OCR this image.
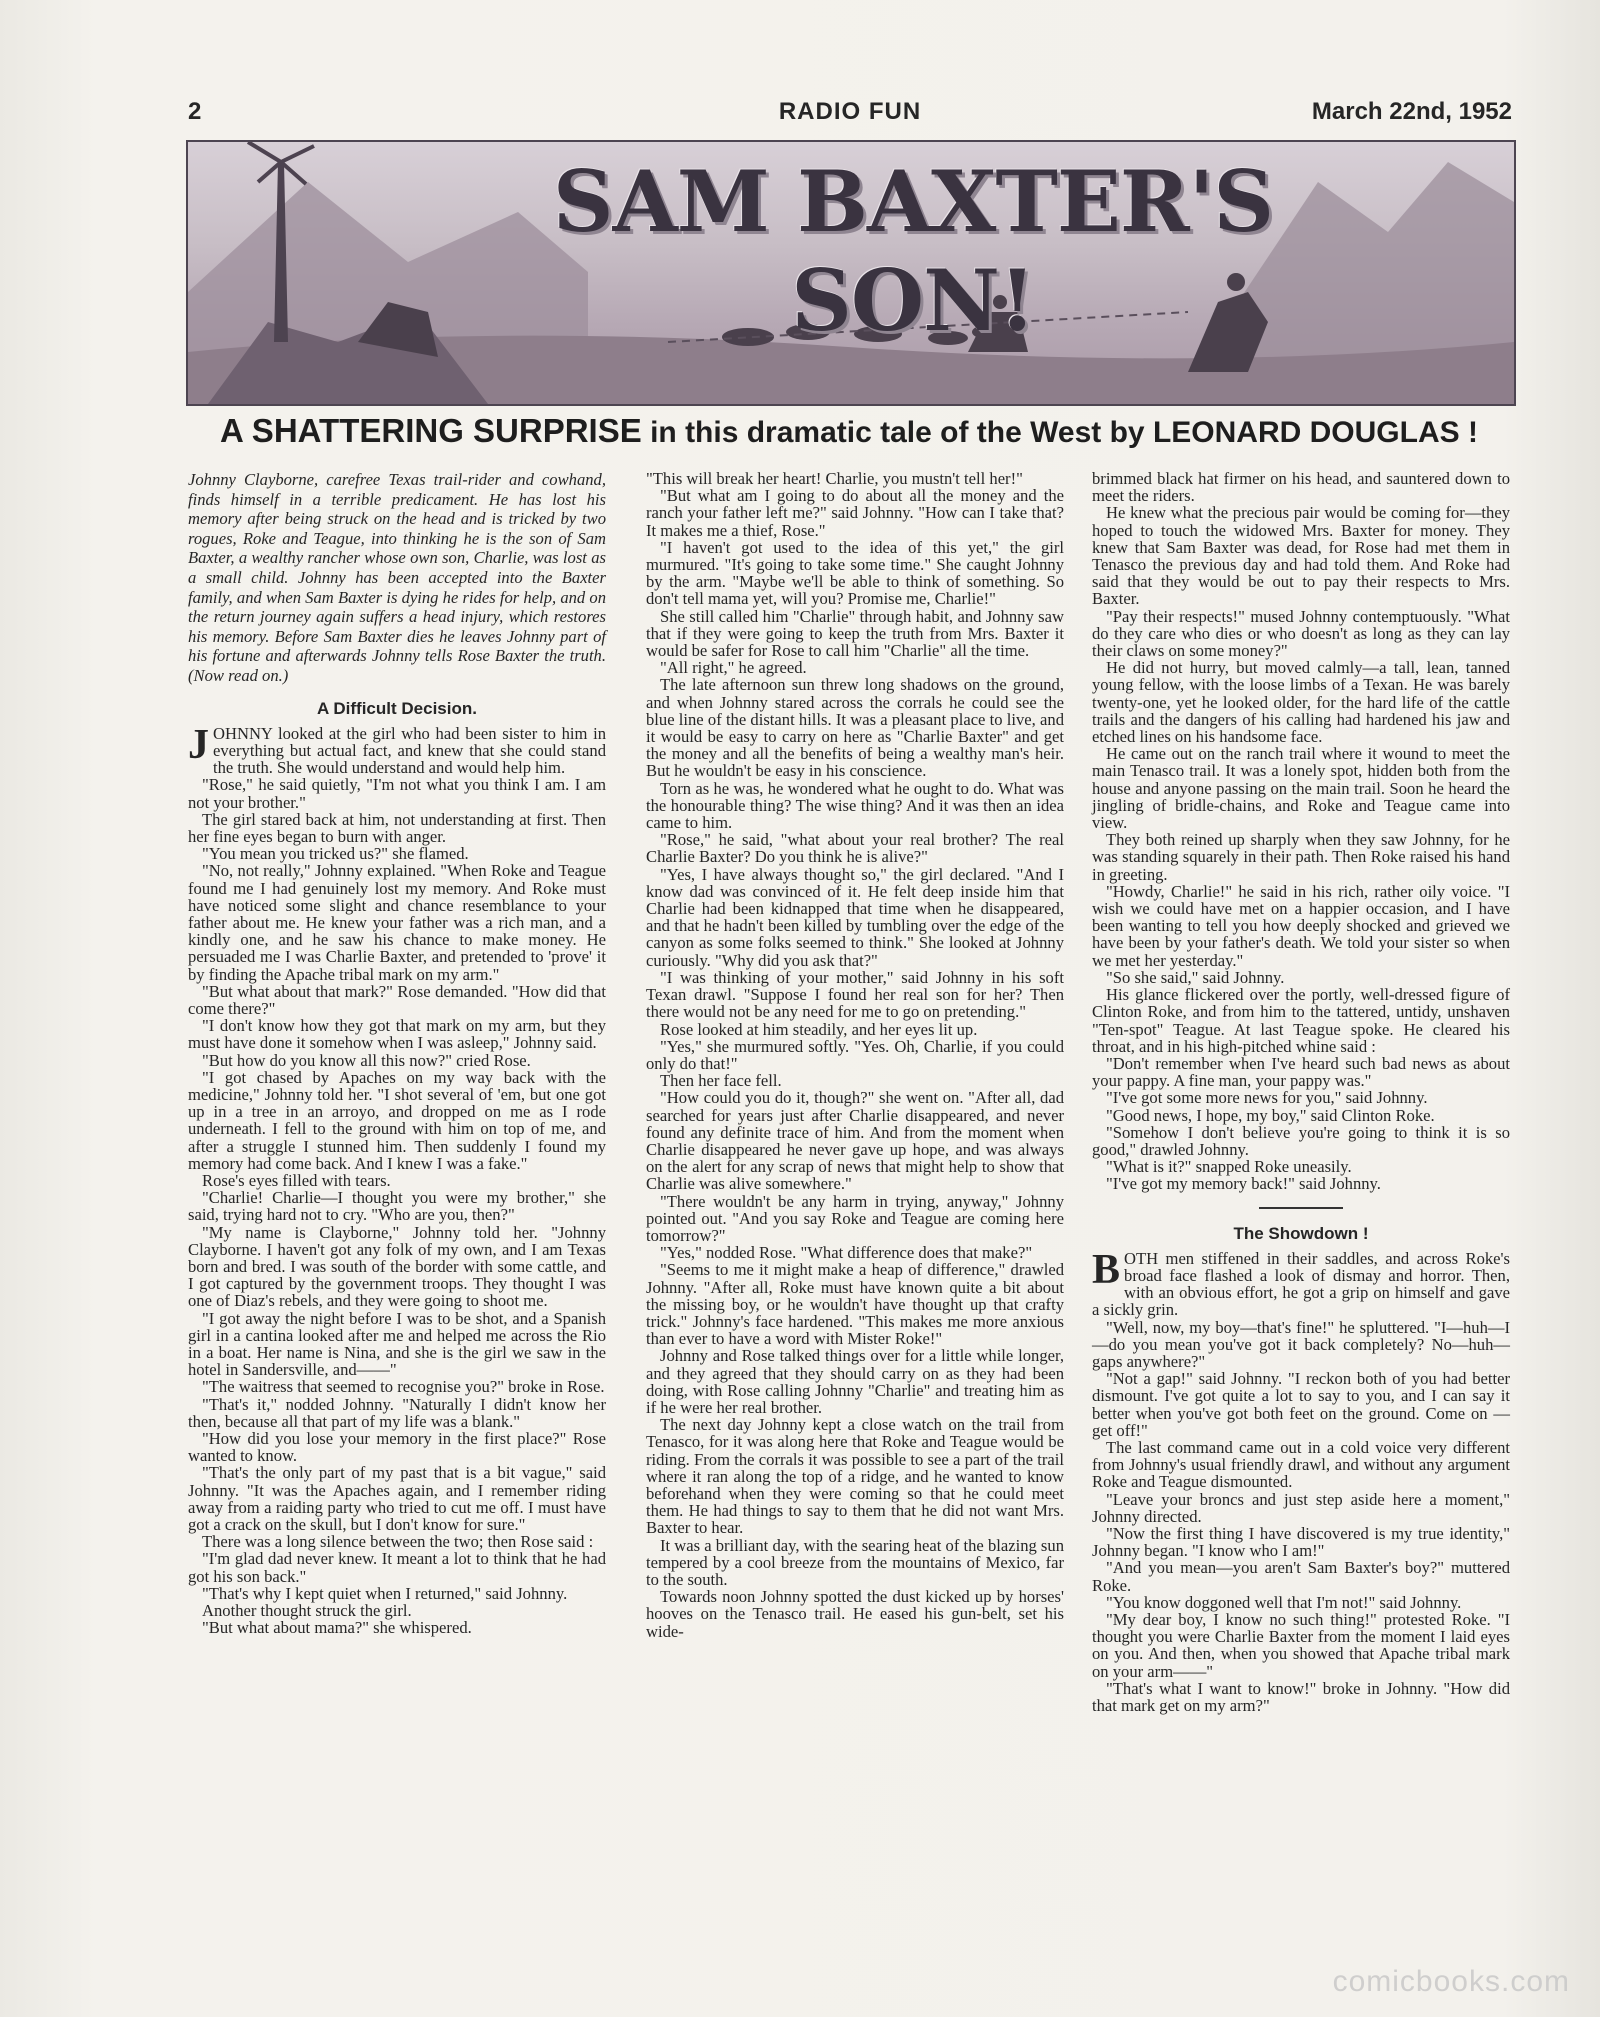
2	RADIO FUN	March 22nd, 1952
SAM BAXTER'S SON!
A SHATTERING SURPRISE in this dramatic tale of the West by LEONARD DOUGLAS !

Johnny Clayborne, carefree Texas trail-rider and cowhand, finds himself in a terrible predicament. He has lost his memory after being struck on the head and is tricked by two rogues, Roke and Teague, into thinking he is the son of Sam Baxter, a wealthy rancher whose own son, Charlie, was lost as a small child. Johnny has been accepted into the Baxter family, and when Sam Baxter is dying he rides for help, and on the return journey again suffers a head injury, which restores his memory. Before Sam Baxter dies he leaves Johnny part of his fortune and afterwards Johnny tells Rose Baxter the truth. (Now read on.)

A Difficult Decision.

JOHNNY looked at the girl who had been sister to him in everything but actual fact, and knew that she could stand the truth. She would understand and would help him.

"Rose," he said quietly, "I'm not what you think I am. I am not your brother."

The girl stared back at him, not understanding at first. Then her fine eyes began to burn with anger.

"You mean you tricked us?" she flamed.

"No, not really," Johnny explained. "When Roke and Teague found me I had genuinely lost my memory. And Roke must have noticed some slight and chance resemblance to your father about me. He knew your father was a rich man, and a kindly one, and he saw his chance to make money. He persuaded me I was Charlie Baxter, and pretended to 'prove' it by finding the Apache tribal mark on my arm."

"But what about that mark?" Rose demanded. "How did that come there?"

"I don't know how they got that mark on my arm, but they must have done it somehow when I was asleep," Johnny said.

"But how do you know all this now?" cried Rose.

"I got chased by Apaches on my way back with the medicine," Johnny told her. "I shot several of 'em, but one got up in a tree in an arroyo, and dropped on me as I rode underneath. I fell to the ground with him on top of me, and after a struggle I stunned him. Then suddenly I found my memory had come back. And I knew I was a fake."

Rose's eyes filled with tears.

"Charlie! Charlie—I thought you were my brother," she said, trying hard not to cry. "Who are you, then?"

"My name is Clayborne," Johnny told her. "Johnny Clayborne. I haven't got any folk of my own, and I am Texas born and bred. I was south of the border with some cattle, and I got captured by the government troops. They thought I was one of Diaz's rebels, and they were going to shoot me.

"I got away the night before I was to be shot, and a Spanish girl in a cantina looked after me and helped me across the Rio in a boat. Her name is Nina, and she is the girl we saw in the hotel in Sandersville, and——"

"The waitress that seemed to recognise you?" broke in Rose.

"That's it," nodded Johnny. "Naturally I didn't know her then, because all that part of my life was a blank."

"How did you lose your memory in the first place?" Rose wanted to know.

"That's the only part of my past that is a bit vague," said Johnny. "It was the Apaches again, and I remember riding away from a raiding party who tried to cut me off. I must have got a crack on the skull, but I don't know for sure."

There was a long silence between the two; then Rose said :

"I'm glad dad never knew. It meant a lot to think that he had got his son back."

"That's why I kept quiet when I returned," said Johnny.

Another thought struck the girl.

"But what about mama?" she whispered.

"This will break her heart! Charlie, you mustn't tell her!"

"But what am I going to do about all the money and the ranch your father left me?" said Johnny. "How can I take that? It makes me a thief, Rose."

"I haven't got used to the idea of this yet," the girl murmured. "It's going to take some time." She caught Johnny by the arm. "Maybe we'll be able to think of something. So don't tell mama yet, will you? Promise me, Charlie!"

She still called him "Charlie" through habit, and Johnny saw that if they were going to keep the truth from Mrs. Baxter it would be safer for Rose to call him "Charlie" all the time.

"All right," he agreed.

The late afternoon sun threw long shadows on the ground, and when Johnny stared across the corrals he could see the blue line of the distant hills. It was a pleasant place to live, and it would be easy to carry on here as "Charlie Baxter" and get the money and all the benefits of being a wealthy man's heir. But he wouldn't be easy in his conscience.

Torn as he was, he wondered what he ought to do. What was the honourable thing? The wise thing? And it was then an idea came to him.

"Rose," he said, "what about your real brother? The real Charlie Baxter? Do you think he is alive?"

"Yes, I have always thought so," the girl declared. "And I know dad was convinced of it. He felt deep inside him that Charlie had been kidnapped that time when he disappeared, and that he hadn't been killed by tumbling over the edge of the canyon as some folks seemed to think." She looked at Johnny curiously. "Why did you ask that?"

"I was thinking of your mother," said Johnny in his soft Texan drawl. "Suppose I found her real son for her? Then there would not be any need for me to go on pretending."

Rose looked at him steadily, and her eyes lit up.

"Yes," she murmured softly. "Yes. Oh, Charlie, if you could only do that!"

Then her face fell.

"How could you do it, though?" she went on. "After all, dad searched for years just after Charlie disappeared, and never found any definite trace of him. And from the moment when Charlie disappeared he never gave up hope, and was always on the alert for any scrap of news that might help to show that Charlie was alive somewhere."

"There wouldn't be any harm in trying, anyway," Johnny pointed out. "And you say Roke and Teague are coming here tomorrow?"

"Yes," nodded Rose. "What difference does that make?"

"Seems to me it might make a heap of difference," drawled Johnny. "After all, Roke must have known quite a bit about the missing boy, or he wouldn't have thought up that crafty trick." Johnny's face hardened. "This makes me more anxious than ever to have a word with Mister Roke!"

Johnny and Rose talked things over for a little while longer, and they agreed that they should carry on as they had been doing, with Rose calling Johnny "Charlie" and treating him as if he were her real brother.

The next day Johnny kept a close watch on the trail from Tenasco, for it was along here that Roke and Teague would be riding. From the corrals it was possible to see a part of the trail where it ran along the top of a ridge, and he wanted to know beforehand when they were coming so that he could meet them. He had things to say to them that he did not want Mrs. Baxter to hear.

It was a brilliant day, with the searing heat of the blazing sun tempered by a cool breeze from the mountains of Mexico, far to the south.

Towards noon Johnny spotted the dust kicked up by horses' hooves on the Tenasco trail. He eased his gun-belt, set his wide-

brimmed black hat firmer on his head, and sauntered down to meet the riders.

He knew what the precious pair would be coming for—they hoped to touch the widowed Mrs. Baxter for money. They knew that Sam Baxter was dead, for Rose had met them in Tenasco the previous day and had told them. And Roke had said that they would be out to pay their respects to Mrs. Baxter.

"Pay their respects!" mused Johnny contemptuously. "What do they care who dies or who doesn't as long as they can lay their claws on some money?"

He did not hurry, but moved calmly—a tall, lean, tanned young fellow, with the loose limbs of a Texan. He was barely twenty-one, yet he looked older, for the hard life of the cattle trails and the dangers of his calling had hardened his jaw and etched lines on his handsome face.

He came out on the ranch trail where it wound to meet the main Tenasco trail. It was a lonely spot, hidden both from the house and anyone passing on the main trail. Soon he heard the jingling of bridle-chains, and Roke and Teague came into view.

They both reined up sharply when they saw Johnny, for he was standing squarely in their path. Then Roke raised his hand in greeting.

"Howdy, Charlie!" he said in his rich, rather oily voice. "I wish we could have met on a happier occasion, and I have been wanting to tell you how deeply shocked and grieved we have been by your father's death. We told your sister so when we met her yesterday."

"So she said," said Johnny.

His glance flickered over the portly, well-dressed figure of Clinton Roke, and from him to the tattered, untidy, unshaven "Ten-spot" Teague. At last Teague spoke. He cleared his throat, and in his high-pitched whine said :

"Don't remember when I've heard such bad news as about your pappy. A fine man, your pappy was."

"I've got some more news for you," said Johnny.

"Good news, I hope, my boy," said Clinton Roke.

"Somehow I don't believe you're going to think it is so good," drawled Johnny.

"What is it?" snapped Roke uneasily.

"I've got my memory back!" said Johnny.

The Showdown !

BOTH men stiffened in their saddles, and across Roke's broad face flashed a look of dismay and horror. Then, with an obvious effort, he got a grip on himself and gave a sickly grin.

"Well, now, my boy—that's fine!" he spluttered. "I—huh—I—do you mean you've got it back completely? No—huh—gaps anywhere?"

"Not a gap!" said Johnny. "I reckon both of you had better dismount. I've got quite a lot to say to you, and I can say it better when you've got both feet on the ground. Come on —get off!"

The last command came out in a cold voice very different from Johnny's usual friendly drawl, and without any argument Roke and Teague dismounted.

"Leave your broncs and just step aside here a moment," Johnny directed.

"Now the first thing I have discovered is my true identity," Johnny began. "I know who I am!"

"And you mean—you aren't Sam Baxter's boy?" muttered Roke.

"You know doggoned well that I'm not!" said Johnny.

"My dear boy, I know no such thing!" protested Roke. "I thought you were Charlie Baxter from the moment I laid eyes on you. And then, when you showed that Apache tribal mark on your arm——"

"That's what I want to know!" broke in Johnny. "How did that mark get on my arm?"

comicbooks.com
